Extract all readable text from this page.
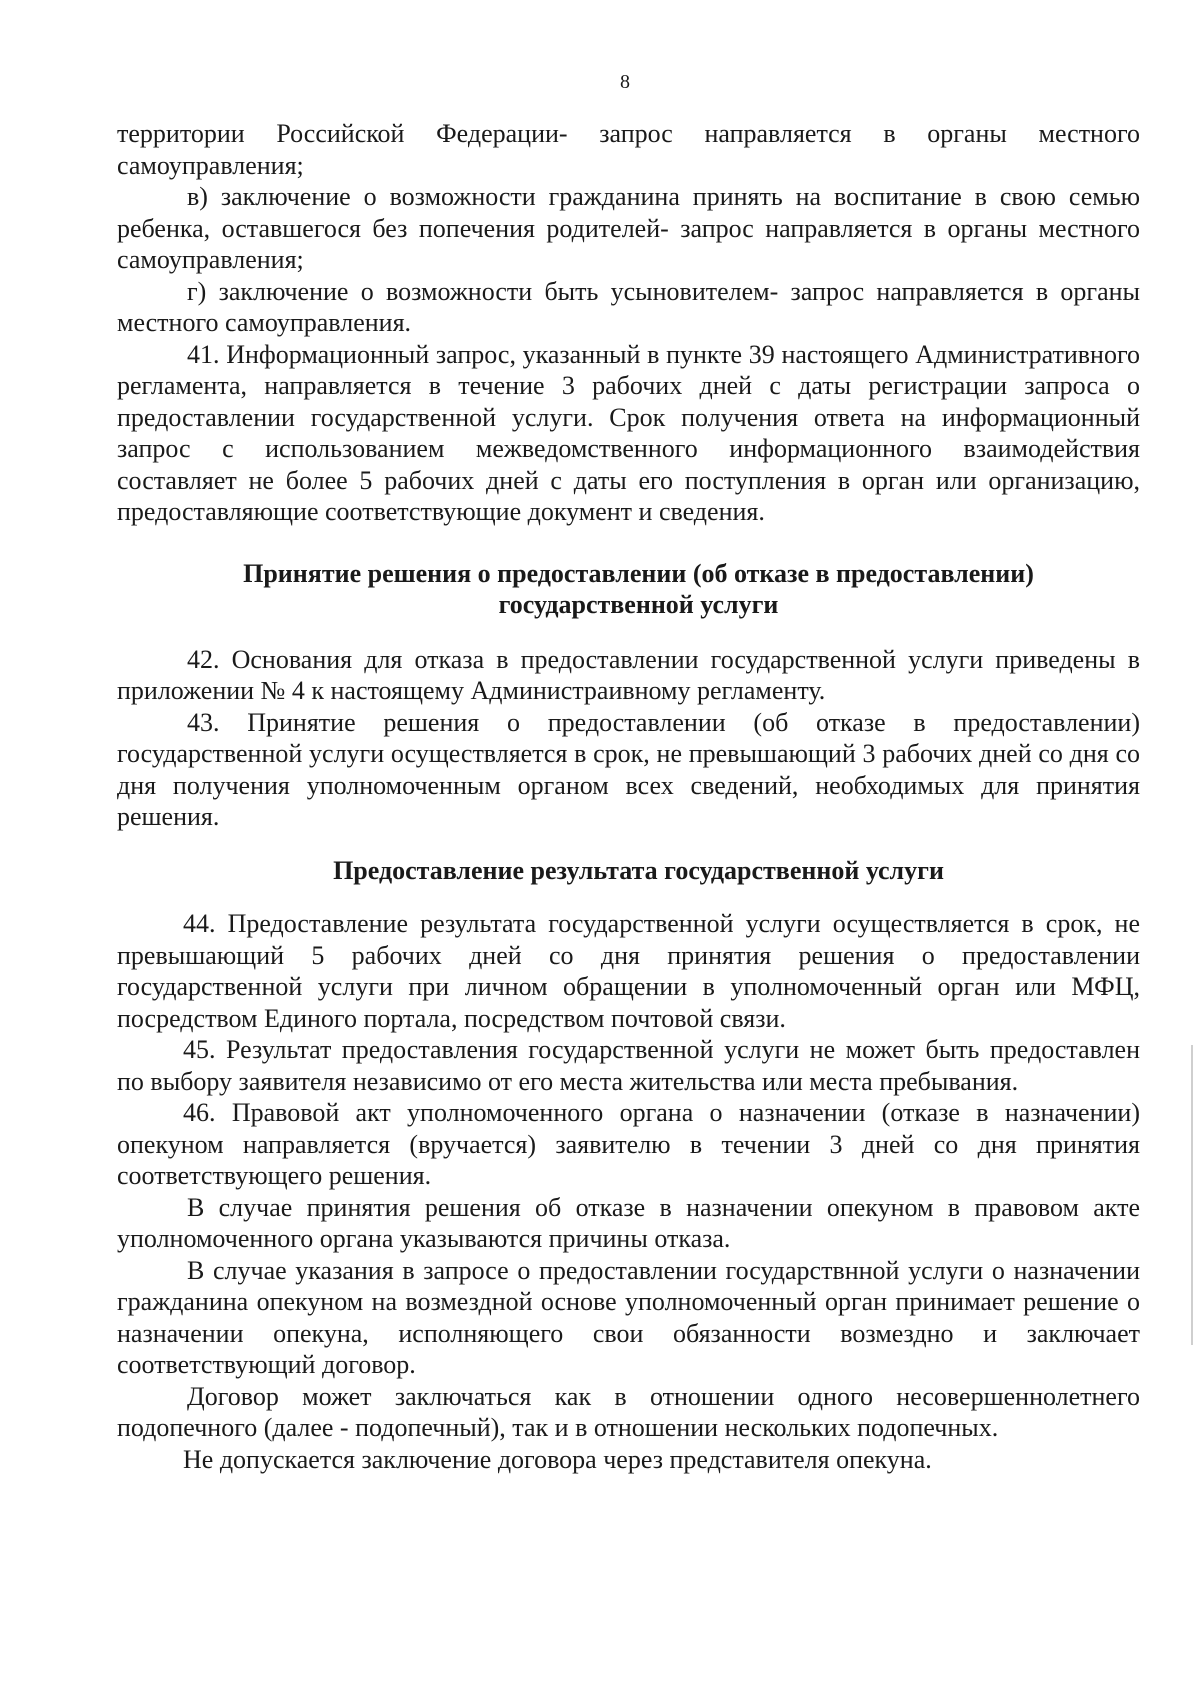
8

территории Российской Федерации- запрос направляется в органы местного самоуправления;

в) заключение о возможности гражданина принять на воспитание в свою семью ребенка, оставшегося без попечения родителей- запрос направляется в органы местного самоуправления;

г) заключение о возможности быть усыновителем- запрос направляется в органы местного самоуправления.

41. Информационный запрос, указанный в пункте 39 настоящего Административного регламента, направляется в течение 3 рабочих дней с даты регистрации запроса о предоставлении государственной услуги. Срок получения ответа на информационный запрос с использованием межведомственного информационного взаимодействия составляет не более 5 рабочих дней с даты его поступления в орган или организацию, предоставляющие соответствующие документ и сведения.

Принятие решения о предоставлении (об отказе в предоставлении)

государственной услуги

42. Основания для отказа в предоставлении государственной услуги приведены в приложении № 4 к настоящему Администраивному регламенту.

43. Принятие решения о предоставлении (об отказе в предоставлении) государственной услуги осуществляется в срок, не превышающий 3 рабочих дней со дня со дня получения уполномоченным органом всех сведений, необходимых для принятия решения.

Предоставление результата государственной услуги

44. Предоставление результата государственной услуги осуществляется в срок, не превышающий 5 рабочих дней со дня принятия решения о предоставлении государственной услуги при личном обращении в уполномоченный орган или МФЦ, посредством Единого портала, посредством почтовой связи.

45. Результат предоставления государственной услуги не может быть предоставлен по выбору заявителя независимо от его места жительства или места пребывания.

46. Правовой акт уполномоченного органа о назначении (отказе в назначении) опекуном направляется (вручается) заявителю в течении 3 дней со дня принятия соответствующего решения.

В случае принятия решения об отказе в назначении опекуном в правовом акте уполномоченного органа указываются причины отказа.

В случае указания в запросе о предоставлении государствнной услуги о назначении гражданина опекуном на возмездной основе уполномоченный орган принимает решение о назначении опекуна, исполняющего свои обязанности возмездно и заключает соответствующий договор.

Договор может заключаться как в отношении одного несовершеннолетнего подопечного (далее - подопечный), так и в отношении нескольких подопечных.

Не допускается заключение договора через представителя опекуна.
